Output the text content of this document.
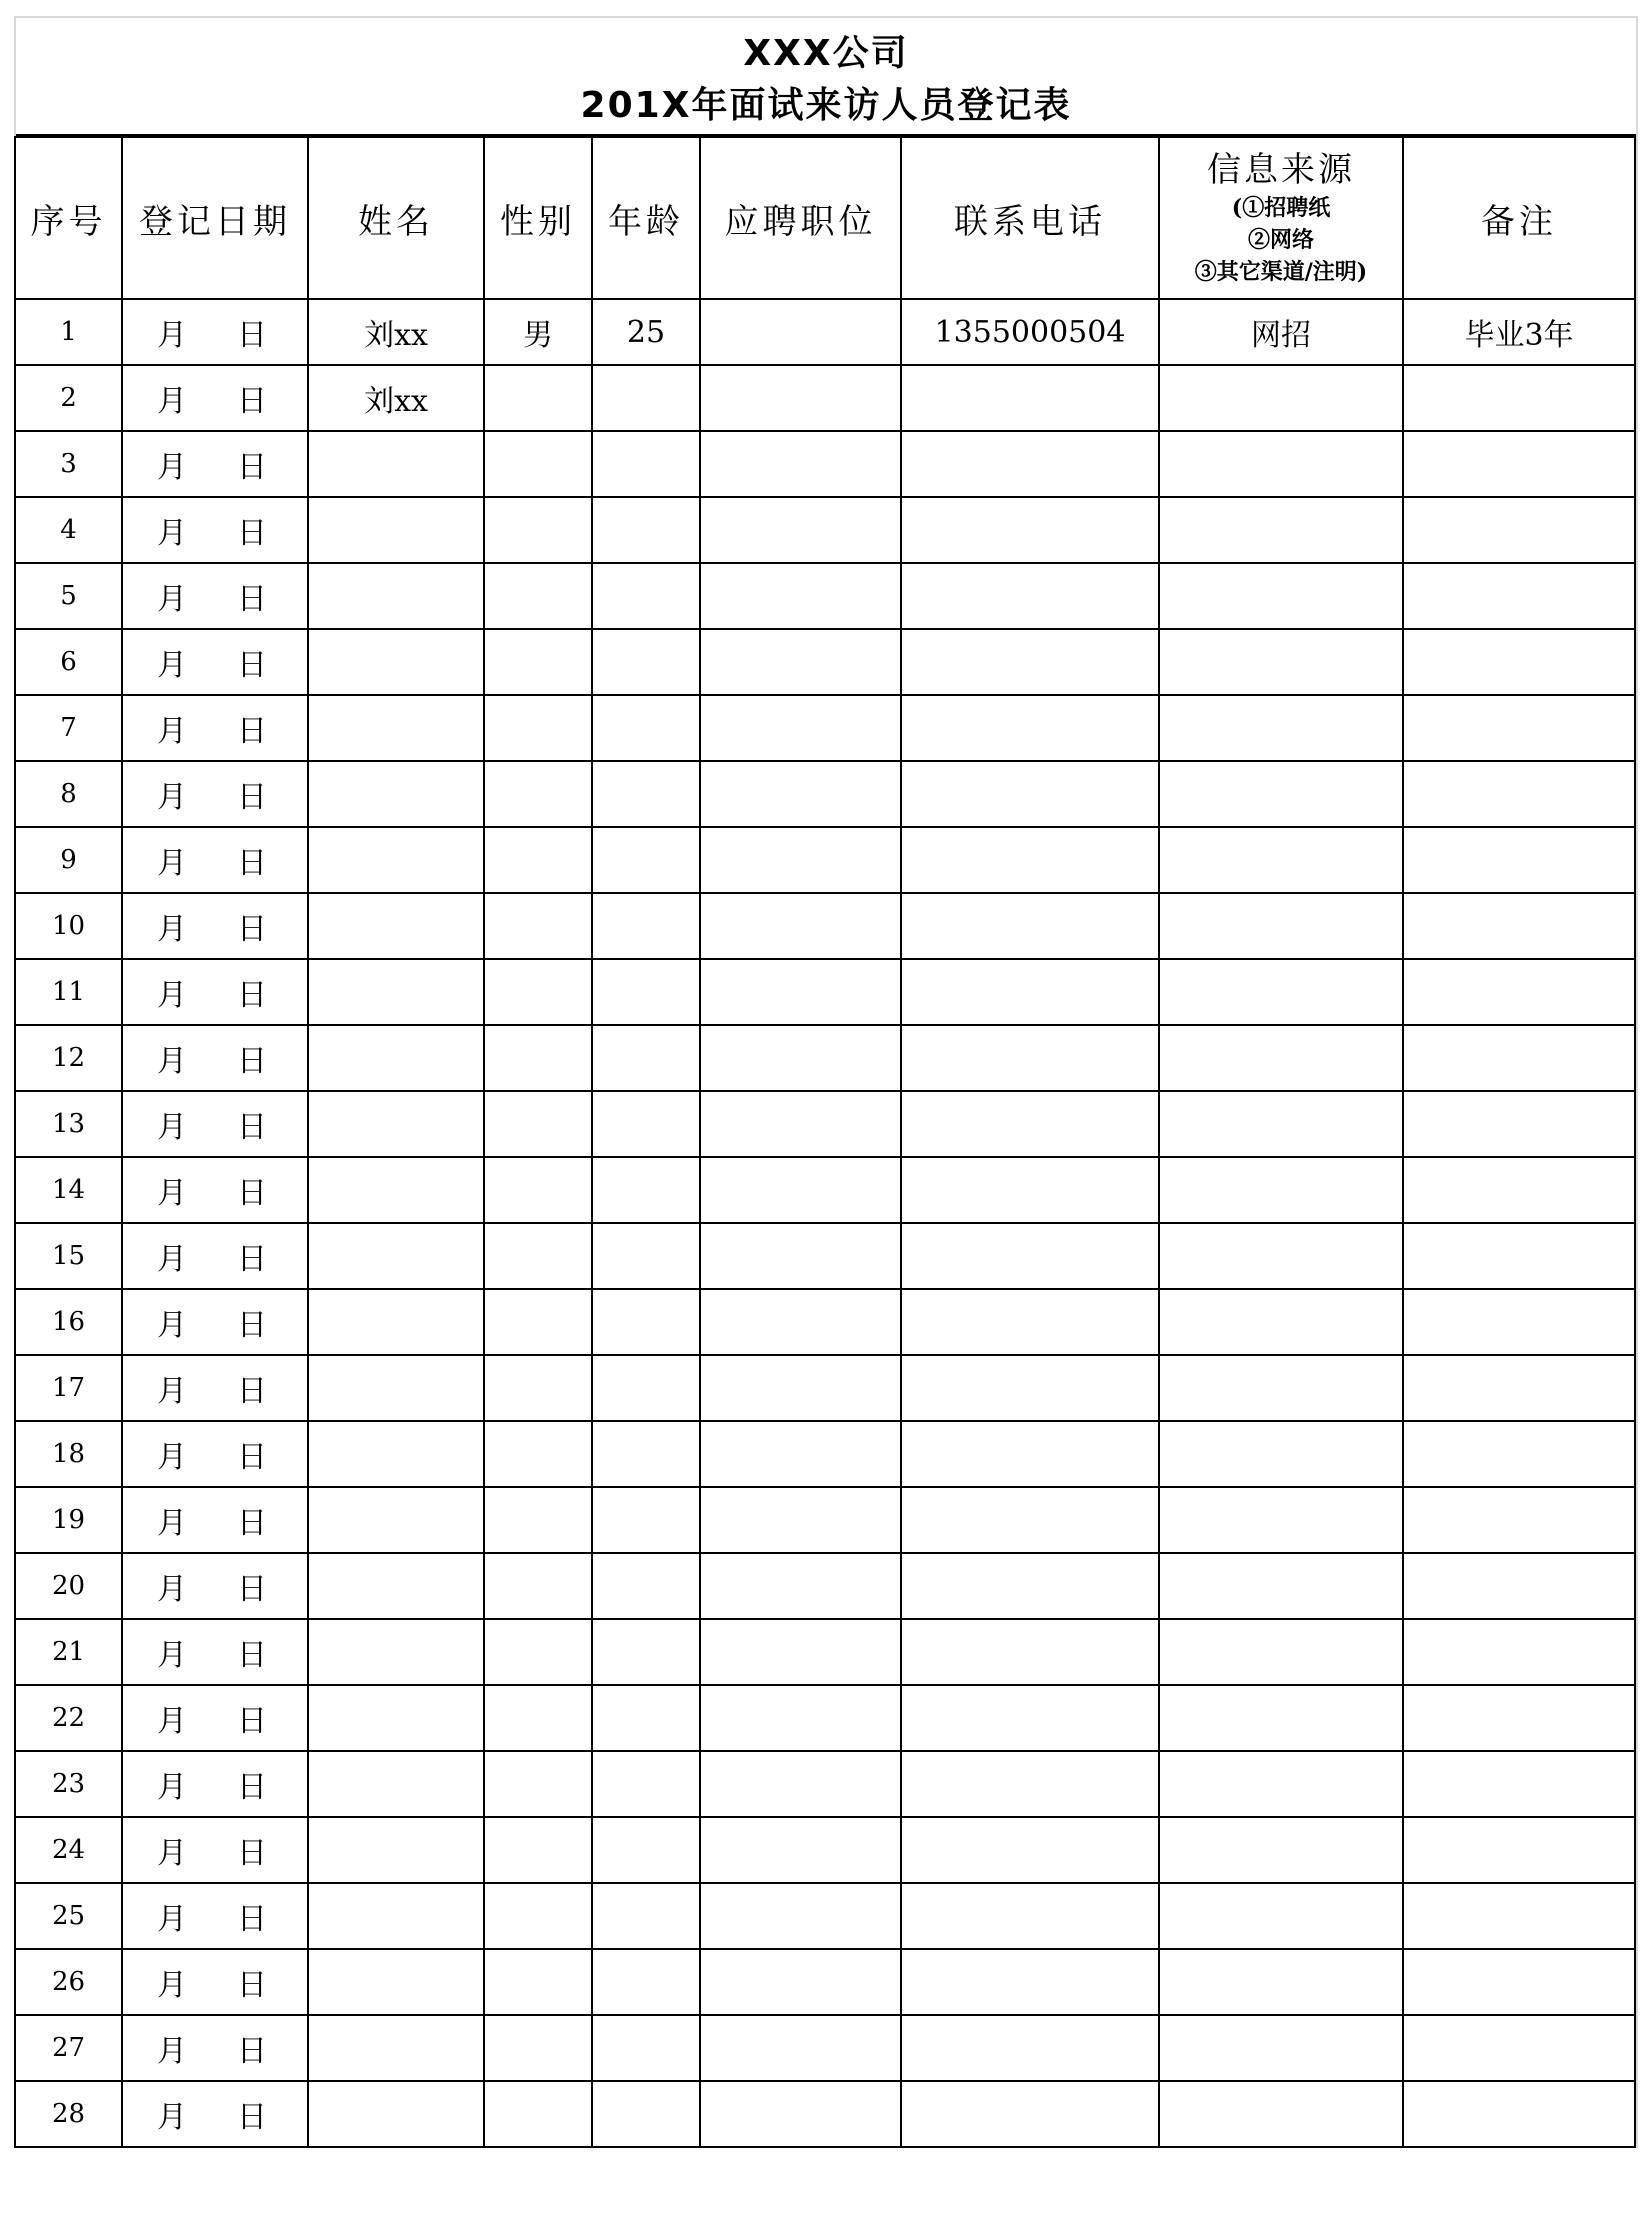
XXX公司
201X年面试来访人员登记表
序号	登记日期	姓名	性别	年龄	应聘职位	联系电话	信息来源
(①招聘纸
②网络
③其它渠道/注明)	备注
1	月 日	刘xx	男	25		1355000504	网招	毕业3年
2	月 日	刘xx						
3	月 日							
4	月 日							
5	月 日							
6	月 日							
7	月 日							
8	月 日							
9	月 日							
10	月 日							
11	月 日							
12	月 日							
13	月 日							
14	月 日							
15	月 日							
16	月 日							
17	月 日							
18	月 日							
19	月 日							
20	月 日							
21	月 日							
22	月 日							
23	月 日							
24	月 日							
25	月 日							
26	月 日							
27	月 日							
28	月 日							
